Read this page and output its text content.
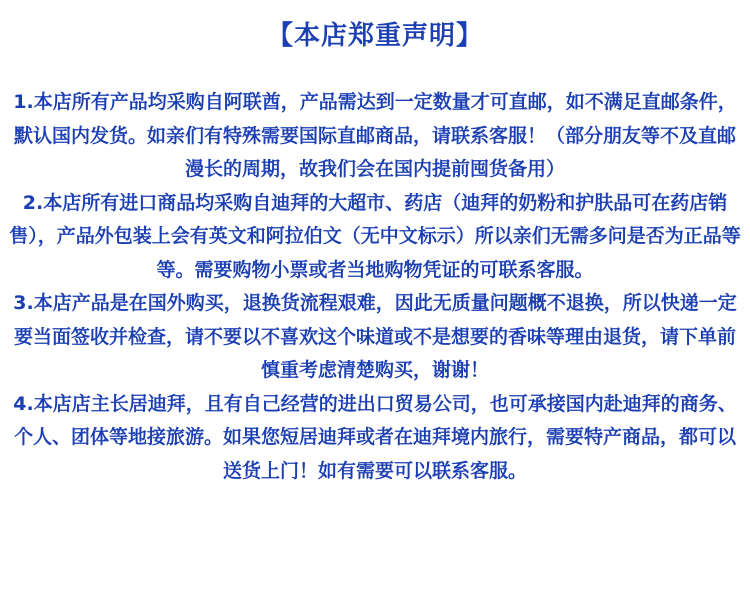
【本店郑重声明】

1.本店所有产品均采购自阿联酋，产品需达到一定数量才可直邮，如不满足直邮条件，默认国内发货。如亲们有特殊需要国际直邮商品，请联系客服！（部分朋友等不及直邮漫长的周期，故我们会在国内提前囤货备用）

2.本店所有进口商品均采购自迪拜的大超市、药店（迪拜的奶粉和护肤品可在药店销售），产品外包装上会有英文和阿拉伯文（无中文标示）所以亲们无需多问是否为正品等等。需要购物小票或者当地购物凭证的可联系客服。

3.本店产品是在国外购买，退换货流程艰难，因此无质量问题概不退换，所以快递一定要当面签收并检查，请不要以不喜欢这个味道或不是想要的香味等理由退货，请下单前慎重考虑清楚购买，谢谢！

4.本店店主长居迪拜，且有自己经营的进出口贸易公司，也可承接国内赴迪拜的商务、个人、团体等地接旅游。如果您短居迪拜或者在迪拜境内旅行，需要特产商品，都可以送货上门！如有需要可以联系客服。
